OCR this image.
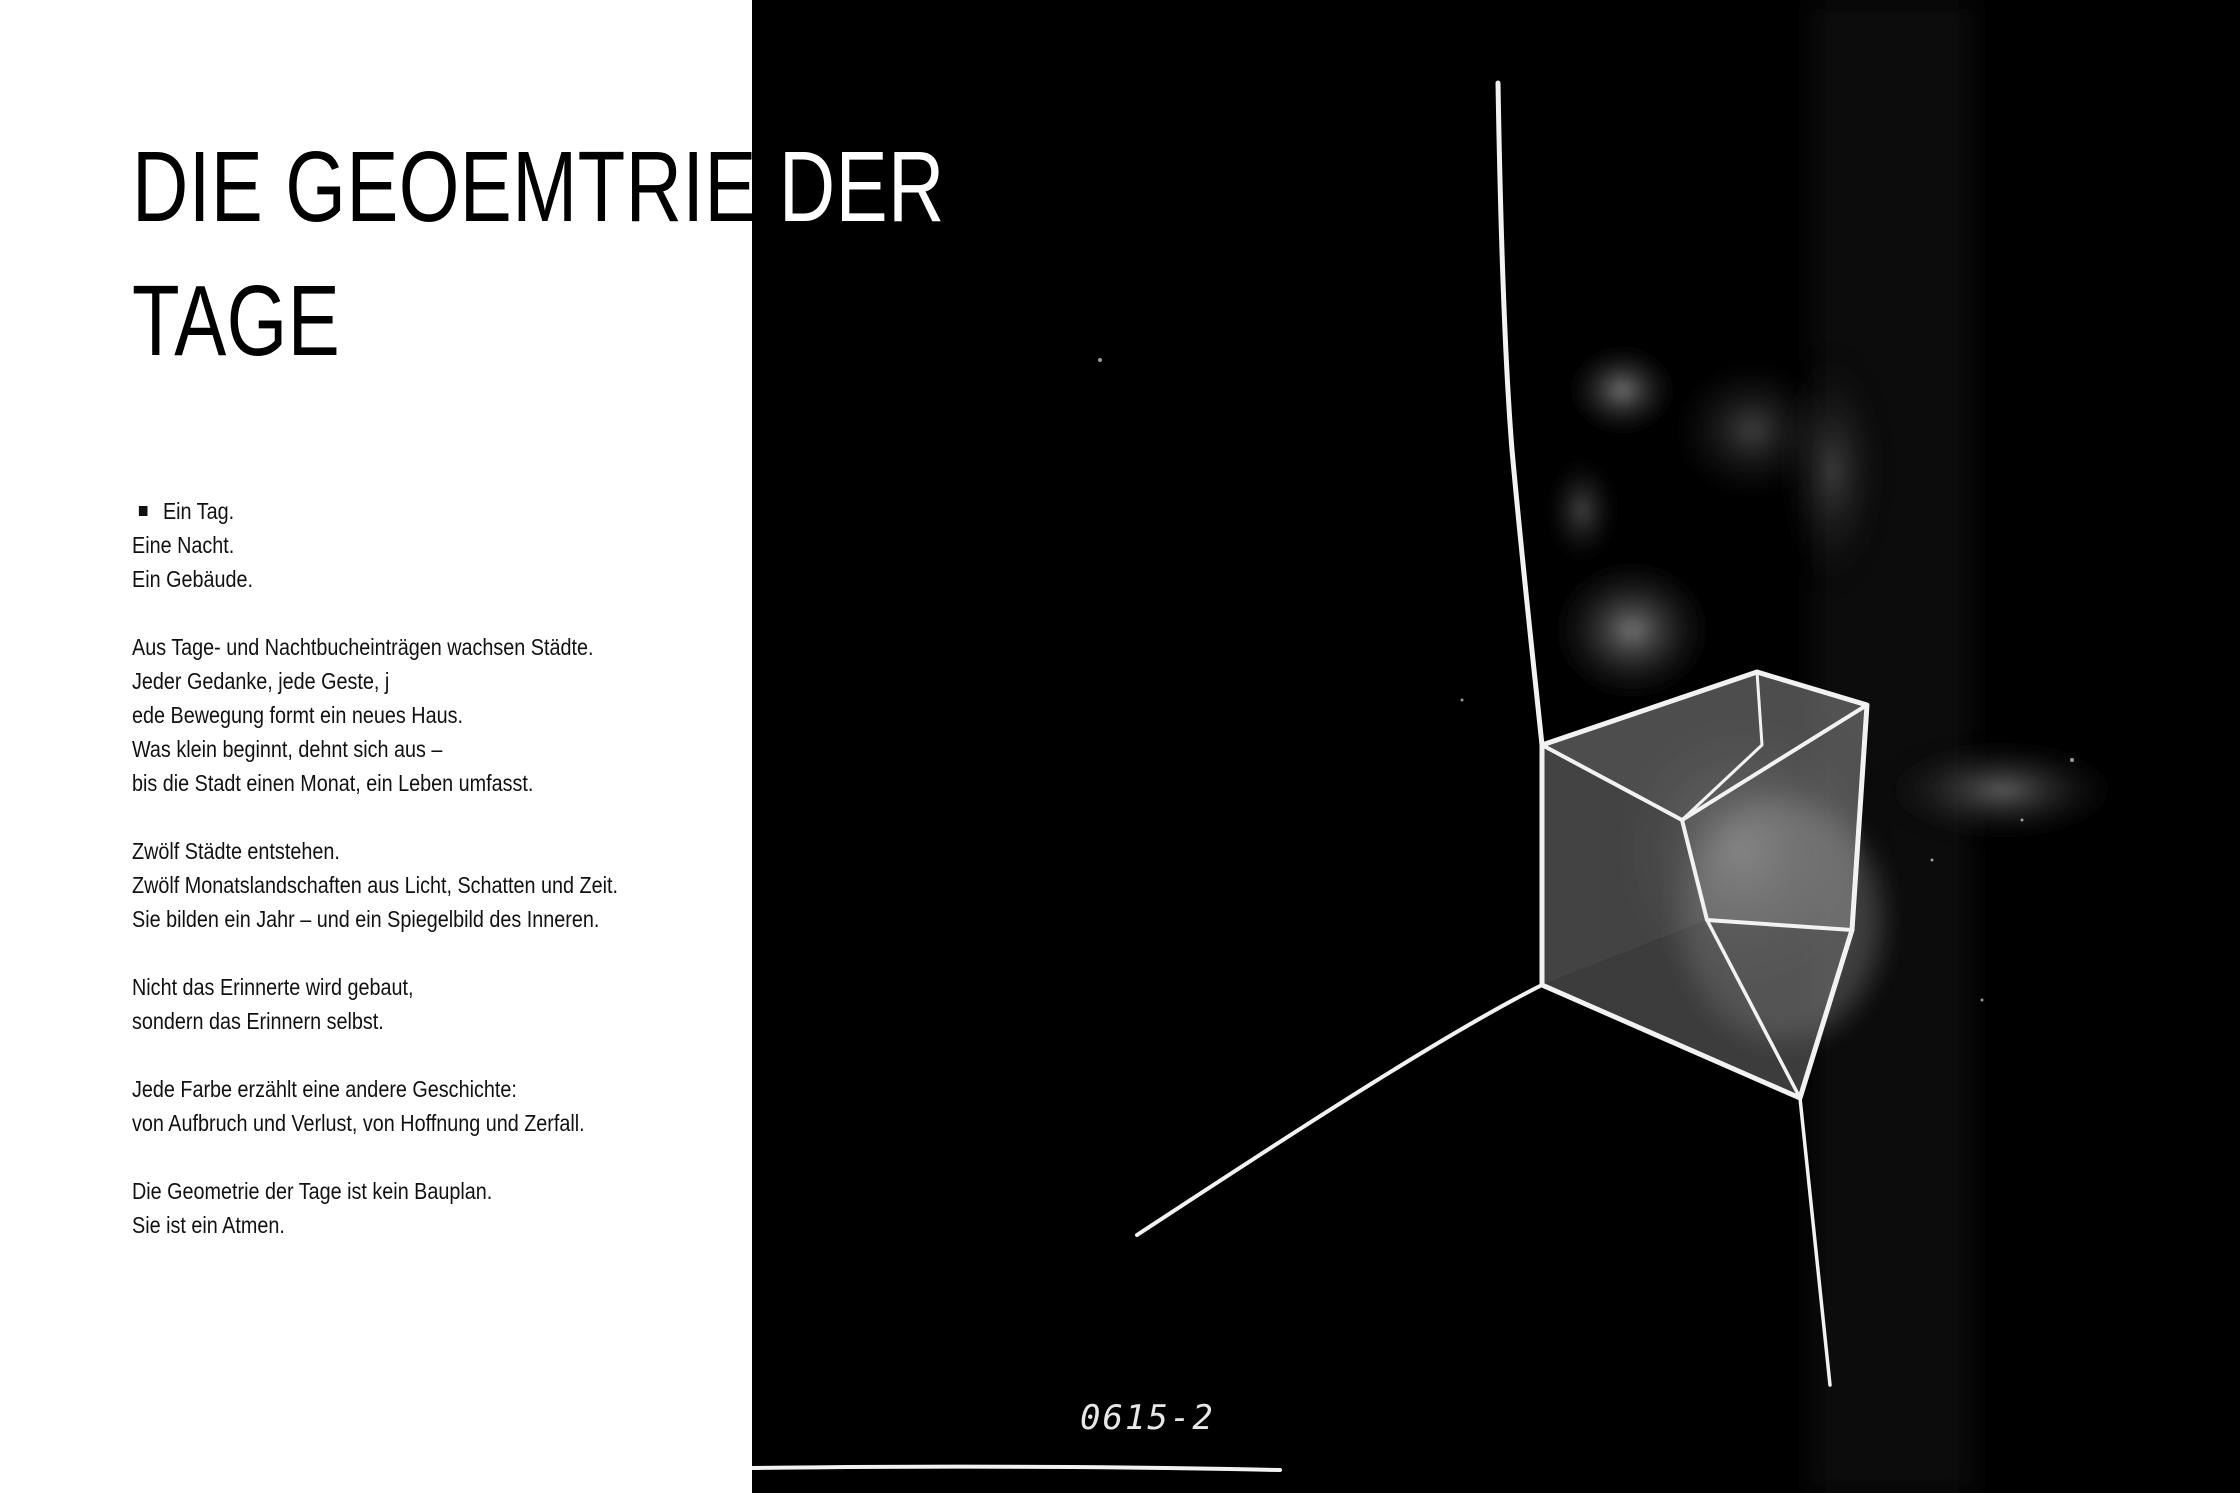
0615-2
DIE GEOEMTRIE DER
TAGE
Ein Tag.
Eine Nacht.
Ein Gebäude.
Aus Tage- und Nachtbucheinträgen wachsen Städte.
Jeder Gedanke, jede Geste, j
ede Bewegung formt ein neues Haus.
Was klein beginnt, dehnt sich aus –
bis die Stadt einen Monat, ein Leben umfasst.
Zwölf Städte entstehen.
Zwölf Monatslandschaften aus Licht, Schatten und Zeit.
Sie bilden ein Jahr – und ein Spiegelbild des Inneren.
Nicht das Erinnerte wird gebaut,
sondern das Erinnern selbst.
Jede Farbe erzählt eine andere Geschichte:
von Aufbruch und Verlust, von Hoffnung und Zerfall.
Die Geometrie der Tage ist kein Bauplan.
Sie ist ein Atmen.
